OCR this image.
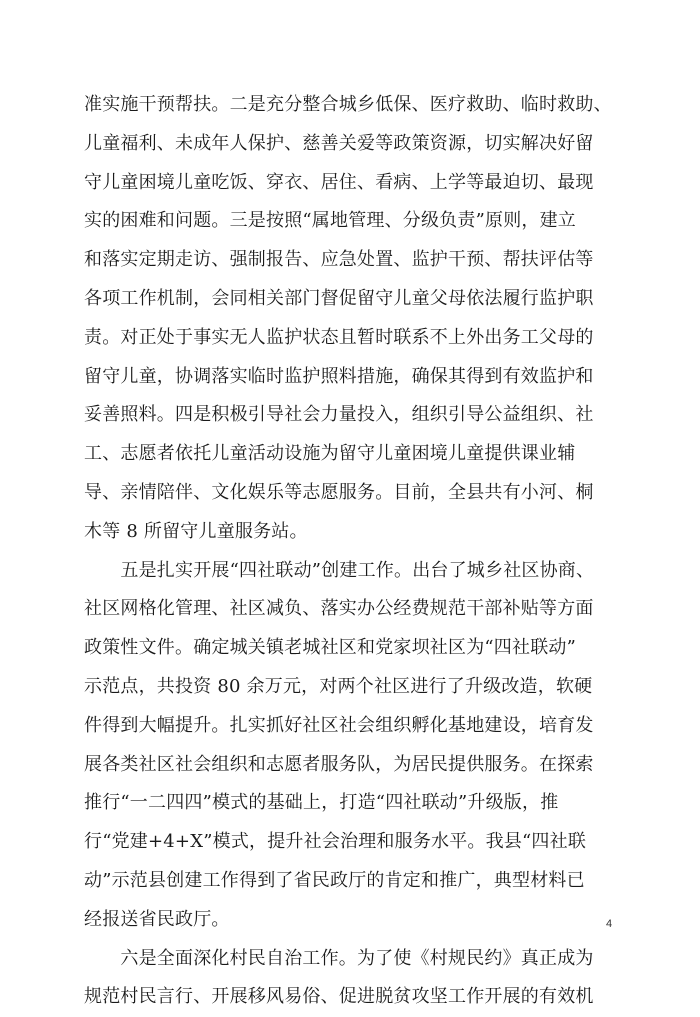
准实施干预帮扶。二是充分整合城乡低保、医疗救助、临时救助、
儿童福利、未成年人保护、慈善关爱等政策资源，切实解决好留
守儿童困境儿童吃饭、穿衣、居住、看病、上学等最迫切、最现
实的困难和问题。三是按照“属地管理、分级负责”原则，建立
和落实定期走访、强制报告、应急处置、监护干预、帮扶评估等
各项工作机制，会同相关部门督促留守儿童父母依法履行监护职
责。对正处于事实无人监护状态且暂时联系不上外出务工父母的
留守儿童，协调落实临时监护照料措施，确保其得到有效监护和
妥善照料。四是积极引导社会力量投入，组织引导公益组织、社
工、志愿者依托儿童活动设施为留守儿童困境儿童提供课业辅
导、亲情陪伴、文化娱乐等志愿服务。目前，全县共有小河、桐
木等 8 所留守儿童服务站。
　　五是扎实开展“四社联动”创建工作。出台了城乡社区协商、
社区网格化管理、社区减负、落实办公经费规范干部补贴等方面
政策性文件。确定城关镇老城社区和党家坝社区为“四社联动”
示范点，共投资 80 余万元，对两个社区进行了升级改造，软硬
件得到大幅提升。扎实抓好社区社会组织孵化基地建设，培育发
展各类社区社会组织和志愿者服务队，为居民提供服务。在探索
推行“一二四四”模式的基础上，打造“四社联动”升级版，推
行“党建+4+X”模式，提升社会治理和服务水平。我县“四社联
动”示范县创建工作得到了省民政厅的肯定和推广，典型材料已
经报送省民政厅。
　　六是全面深化村民自治工作。为了使《村规民约》真正成为
规范村民言行、开展移风易俗、促进脱贫攻坚工作开展的有效机
4
